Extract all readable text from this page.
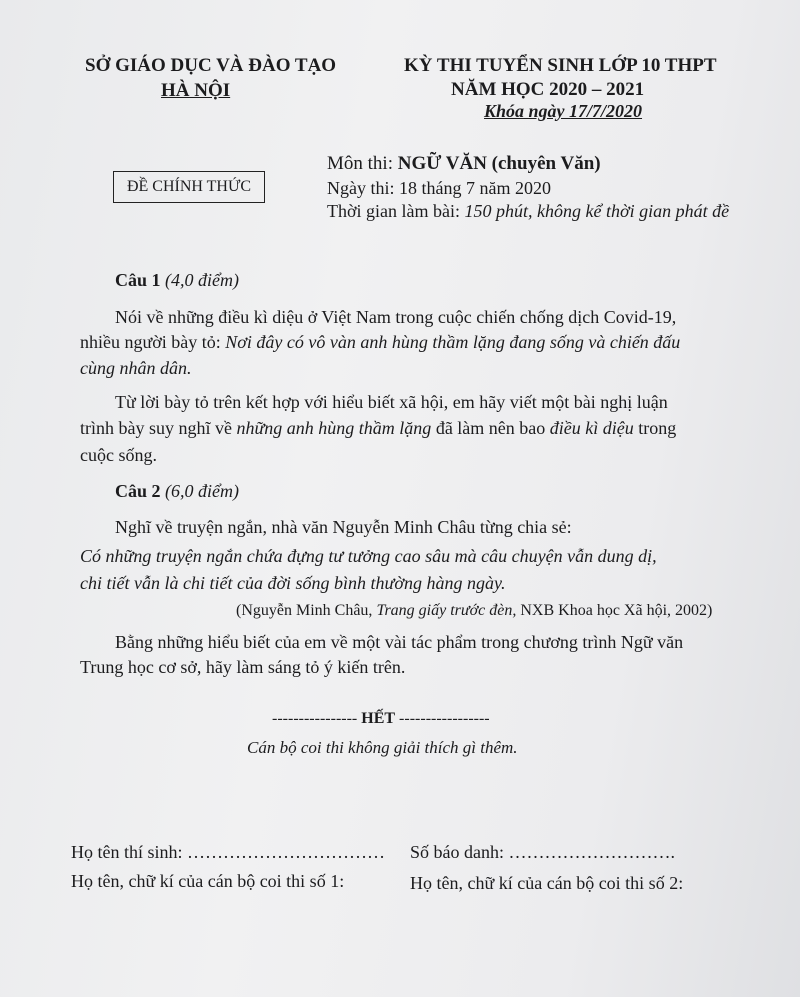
SỞ GIÁO DỤC VÀ ĐÀO TẠO
HÀ NỘI
KỲ THI TUYỂN SINH LỚP 10 THPT
NĂM HỌC 2020 – 2021
Khóa ngày 17/7/2020
ĐỀ CHÍNH THỨC
Môn thi: NGỮ VĂN (chuyên Văn)
Ngày thi: 18 tháng 7 năm 2020
Thời gian làm bài: 150 phút, không kể thời gian phát đề
Câu 1 (4,0 điểm)
Nói về những điều kì diệu ở Việt Nam trong cuộc chiến chống dịch Covid-19,
nhiều người bày tỏ: Nơi đây có vô vàn anh hùng thầm lặng đang sống và chiến đấu
cùng nhân dân.
Từ lời bày tỏ trên kết hợp với hiểu biết xã hội, em hãy viết một bài nghị luận
trình bày suy nghĩ về những anh hùng thầm lặng đã làm nên bao điều kì diệu trong
cuộc sống.
Câu 2 (6,0 điểm)
Nghĩ về truyện ngắn, nhà văn Nguyễn Minh Châu từng chia sẻ:
Có những truyện ngắn chứa đựng tư tưởng cao sâu mà câu chuyện vẫn dung dị,
chi tiết vẫn là chi tiết của đời sống bình thường hàng ngày.
(Nguyễn Minh Châu, Trang giấy trước đèn, NXB Khoa học Xã hội, 2002)
Bằng những hiểu biết của em về một vài tác phẩm trong chương trình Ngữ văn
Trung học cơ sở, hãy làm sáng tỏ ý kiến trên.
---------------- HẾT -----------------
Cán bộ coi thi không giải thích gì thêm.
Họ tên thí sinh: …………………………… Số báo danh: ……………………….
Họ tên, chữ kí của cán bộ coi thi số 1:	Họ tên, chữ kí của cán bộ coi thi số 2:
